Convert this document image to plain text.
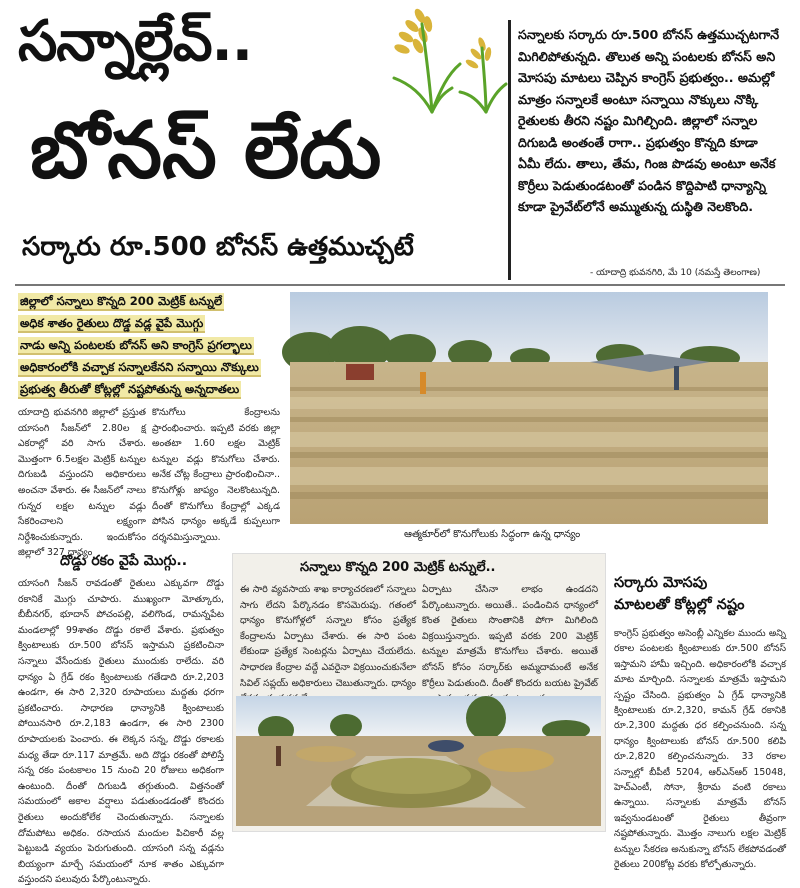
సన్నాల్లేవ్..
బోనస్ లేదు
సర్కారు రూ.500 బోనస్ ఉత్తముచ్చటే
సన్నాలకు సర్కారు రూ.500 బోనస్ ఉత్తముచ్చటగానే మిగిలిపోతున్నది. తొలుత అన్ని పంటలకు బోనస్ అని మోసపు మాటలు చెప్పిన కాంగ్రెస్ ప్రభుత్వం.. అమల్లో మాత్రం సన్నాలకే అంటూ సన్నాయి నొక్కులు నొక్కి రైతులకు తీరని నష్టం మిగిల్చింది. జిల్లాలో సన్నాల దిగుబడి అంతంతే రాగా.. ప్రభుత్వం కొన్నది కూడా ఏమీ లేదు. తాలు, తేమ, గింజ పొడవు అంటూ అనేక కొర్రీలు పెడుతుండటంతో పండిన కొద్దిపాటి ధాన్యాన్ని కూడా ప్రైవేట్‌లోనే అమ్ముతున్న దుస్థితి నెలకొంది.
- యాదాద్రి భువనగిరి, మే 10 (నమస్తే తెలంగాణ)
జిల్లాలో సన్నాలు కొన్నది 200 మెట్రిక్ టన్నులే
అధిక శాతం రైతులు దొడ్డ వడ్ల వైపే మొగ్గు
నాడు అన్ని పంటలకు బోనస్ అని కాంగ్రెస్ ప్రగల్భాలు
అధికారంలోకి వచ్చాక సన్నాలకేనని సన్నాయి నొక్కులు
ప్రభుత్వ తీరుతో కోట్లల్లో నష్టపోతున్న అన్నదాతలు
యాదాద్రి భువనగిరి జిల్లాలో ప్రస్తుత యాసంగి సీజన్‌లో 2.80ల క్ష ఎకరాల్లో వరి సాగు చేశారు. మొత్తంగా 6.5లక్షల మెట్రిక్ టన్నుల దిగుబడి వస్తుందని అధికారులు అంచనా వేశారు. ఈ సీజన్‌లో నాలు గున్నర లక్షల టన్నుల వడ్లు సేకరించాలని లక్ష్యంగా నిర్దేశించుకున్నారు. ఇందుకోసం జిల్లాలో 327 ధాన్యం
కొనుగోలు కేంద్రాలను ప్రారంభించారు. ఇప్పటి వరకు జిల్లా అంతటా 1.60 లక్షల మెట్రిక్ టన్నుల వడ్లు కొనుగోలు చేశారు. అనేక చోట్ల కేంద్రాలు ప్రారంభించినా.. కొనుగోళ్లు జాప్యం నెలకొంటున్నది. దీంతో కొనుగోలు కేంద్రాల్లో ఎక్కడ పోసిన ధాన్యం అక్కడే కుప్పలుగా దర్శనమిస్తున్నాయి.	ఆత్మకూర్‌లో కొనుగోలుకు సిద్ధంగా ఉన్న ధాన్యం
దొడ్డు రకం వైపే మొగ్గు..
యాసంగి సీజన్ రావడంతో రైతులు ఎక్కువగా దొడ్డు రకానికే మొగ్గు చూపారు. ముఖ్యంగా మోత్కూరు, బీబీనగర్, భూదాన్ పోచంపల్లి, వలిగొండ, రామన్నపేట మండలాల్లో 99శాతం దొడ్డు రకాలే వేశారు. ప్రభుత్వం క్వింటాలుకు రూ.500 బోనస్ ఇస్తామని ప్రకటించినా సన్నాలు వేసేందుకు రైతులు ముందుకు రాలేదు. వరి ధాన్యం ఏ గ్రేడ్ రకం క్వింటాలుకు గతేడాది రూ.2,203 ఉండగా, ఈ సారి 2,320 రూపాయలు మద్దతు ధరగా ప్రకటించారు. సాధారణ ధాన్యానికి క్వింటాలుకు పోయినసారి రూ.2,183 ఉండగా, ఈ సారి 2300 రూపాయలకు పెంచారు. ఈ లెక్కన సన్న, దొడ్డు రకాలకు మధ్య తేడా రూ.117 మాత్రమే. అది దొడ్డు రకంతో పోలిస్తే సన్న రకం పంటకాలం 15 నుంచి 20 రోజులు అధికంగా ఉంటుంది. దీంతో దిగుబడి తగ్గుతుంది. విత్తనంతో సమయంలో అకాల వర్షాలు పడుతుండడంతో కొందరు రైతులు అందుకోలేక చెందుతున్నారు. సన్నాలకు దోమపోటు అధికం. రసాయన మందుల పిచికారీ వల్ల పెట్టుబడి వ్యయం పెరుగుతుంది. యాసంగి సన్న వడ్లను బియ్యంగా మార్చే సమయంలో నూక శాతం ఎక్కువగా వస్తుందని పలువురు పేర్కొంటున్నారు.
సన్నాలు కొన్నది 200 మెట్రిక్ టన్నులే..
ఈ సారి వ్యవసాయ శాఖ కార్యాచరణలో సన్నాలు సాగు లేదని పేర్కొనడం కొసమెరుపు. గతంలో ధాన్యం కొనుగోళ్లలో సన్నాల కోసం ప్రత్యేక కేంద్రాలను ఏర్పాటు చేశారు. ఈ సారి పంట లేకుండా ప్రత్యేక సెంటర్లను ఏర్పాటు చేయలేదు. సాధారణ కేంద్రాల వద్దే ఎవరైనా విక్రయించుకునేలా సివిల్ సప్లయ్ అధికారులు చెబుతున్నారు. ధాన్యం
ఏర్పాటు చేసినా లాభం ఉండదని పేర్కొంటున్నారు. అయితే.. పండించిన ధాన్యంలో కొంత రైతులు సొంతానికి పోగా మిగిలింది విక్రయిస్తున్నారు. ఇప్పటి వరకు 200 మెట్రిక్ టన్నుల మాత్రమే కొనుగోలు చేశారు. అయితే బోనస్ కోసం సర్కార్‌కు అమ్మదామంటే అనేక కొర్రీలు పెడుతుంది. దీంతో కొందరు బయట ప్రైవేట్
సర్కారు మోసపు
మాటలతో కోట్లల్లో నష్టం
కాంగ్రెస్ ప్రభుత్వం అసెంబ్లీ ఎన్నికల ముందు అన్ని రకాల పంటలకు క్వింటాలుకు రూ.500 బోనస్ ఇస్తామని హామీ ఇచ్చింది. అధికారంలోకి వచ్చాక మాట మార్చింది. సన్నాలకు మాత్రమే ఇస్తామని స్పష్టం చేసింది. ప్రభుత్వం ఏ గ్రేడ్ ధాన్యానికి క్వింటాలుకు రూ.2,320, కామన్ గ్రేడ్ రకానికి రూ.2,300 మద్దతు ధర కల్పించనుంది. సన్న ధాన్యం క్వింటాలుకు బోనస్ రూ.500 కలిపి రూ.2,820 కల్పించనున్నారు. 33 రకాల సన్నాల్లో బీపీటీ 5204, ఆర్‌ఎన్‌ఆర్ 15048, హెచ్‌ఎంటీ, సోనా, శ్రీరామ వంటి రకాలు ఉన్నాయి. సన్నాలకు మాత్రమే బోనస్ ఇవ్వనుండటంతో రైతులు తీవ్రంగా నష్టపోతున్నారు. మొత్తం నాలుగు లక్షల మెట్రిక్ టన్నుల సేకరణ అనుకున్నా బోనస్ లేకపోవడంతో రైతులు 200కోట్ల వరకు కోల్పోతున్నారు.
